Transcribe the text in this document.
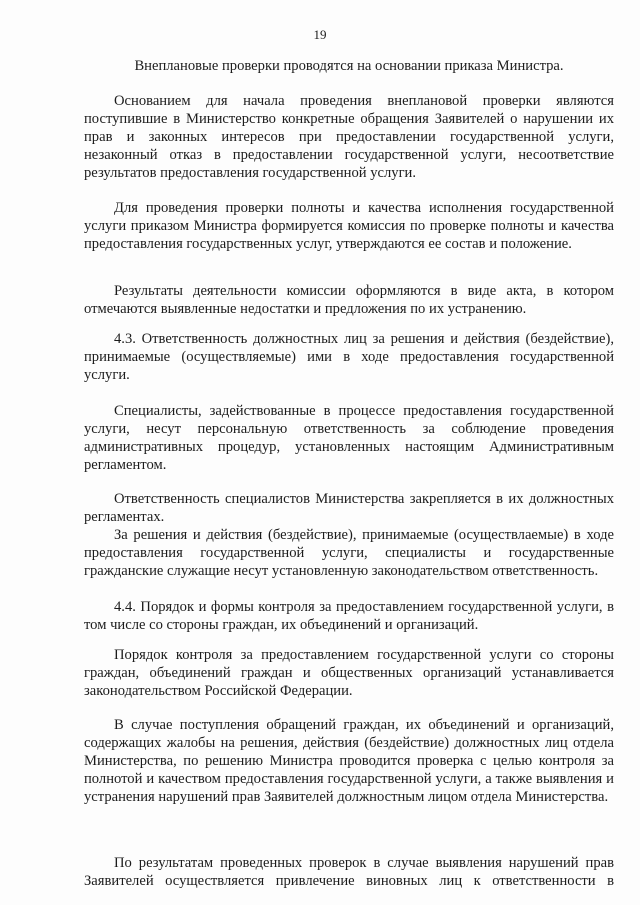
19

Внеплановые проверки проводятся на основании приказа Министра.

Основанием для начала проведения внеплановой проверки являются поступившие в Министерство конкретные обращения Заявителей о нарушении их прав и законных интересов при предоставлении государственной услуги, незаконный отказ в предоставлении государственной услуги, несоответствие результатов предоставления государственной услуги.

Для проведения проверки полноты и качества исполнения государственной услуги приказом Министра формируется комиссия по проверке полноты и качества предоставления государственных услуг, утверждаются ее состав и положение.

Результаты деятельности комиссии оформляются в виде акта, в котором отмечаются выявленные недостатки и предложения по их устранению.

4.3. Ответственность должностных лиц за решения и действия (бездействие), принимаемые (осуществляемые) ими в ходе предоставления государственной услуги.

Специалисты, задействованные в процессе предоставления государственной услуги, несут персональную ответственность за соблюдение проведения административных процедур, установленных настоящим Административным регламентом.

Ответственность специалистов Министерства закрепляется в их должностных регламентах.

За решения и действия (бездействие), принимаемые (осуществлаемые) в ходе предоставления государственной услуги, специалисты и государственные гражданские служащие несут установленную законодательством ответственность.

4.4. Порядок и формы контроля за предоставлением государственной услуги, в том числе со стороны граждан, их объединений и организаций.

Порядок контроля за предоставлением государственной услуги со стороны граждан, объединений граждан и общественных организаций устанавливается законодательством Российской Федерации.

В случае поступления обращений граждан, их объединений и организаций, содержащих жалобы на решения, действия (бездействие) должностных лиц отдела Министерства, по решению Министра проводится проверка с целью контроля за полнотой и качеством предоставления государственной услуги, а также выявления и устранения нарушений прав Заявителей должностным лицом отдела Министерства.

По результатам проведенных проверок в случае выявления нарушений прав Заявителей осуществляется привлечение виновных лиц к ответственности в
